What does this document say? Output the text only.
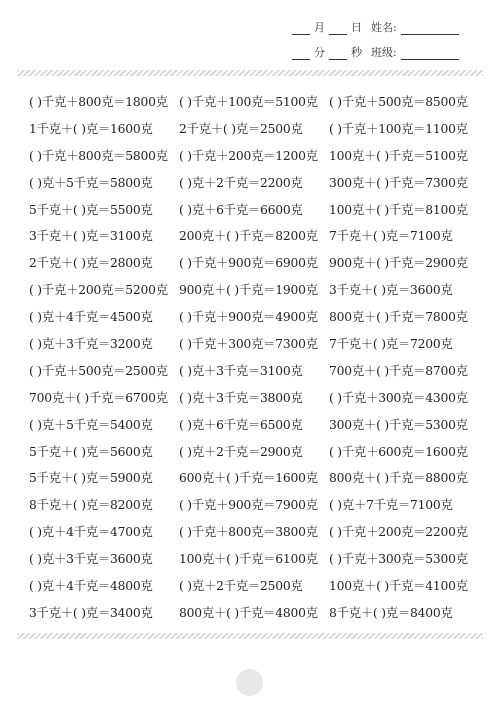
月 日 姓名:
分 秒 班级:
( )千克＋800克＝1800克 ( )千克＋100克＝5100克 ( )千克＋500克＝8500克
1千克＋( )克＝1600克 2千克＋( )克＝2500克 ( )千克＋100克＝1100克
( )千克＋800克＝5800克 ( )千克＋200克＝1200克 100克＋( )千克＝5100克
( )克＋5千克＝5800克 ( )克＋2千克＝2200克 300克＋( )千克＝7300克
5千克＋( )克＝5500克 ( )克＋6千克＝6600克 100克＋( )千克＝8100克
3千克＋( )克＝3100克 200克＋( )千克＝8200克 7千克＋( )克＝7100克
2千克＋( )克＝2800克 ( )千克＋900克＝6900克 900克＋( )千克＝2900克
( )千克＋200克＝5200克 900克＋( )千克＝1900克 3千克＋( )克＝3600克
( )克＋4千克＝4500克 ( )千克＋900克＝4900克 800克＋( )千克＝7800克
( )克＋3千克＝3200克 ( )千克＋300克＝7300克 7千克＋( )克＝7200克
( )千克＋500克＝2500克 ( )克＋3千克＝3100克 700克＋( )千克＝8700克
700克＋( )千克＝6700克 ( )克＋3千克＝3800克 ( )千克＋300克＝4300克
( )克＋5千克＝5400克 ( )克＋6千克＝6500克 300克＋( )千克＝5300克
5千克＋( )克＝5600克 ( )克＋2千克＝2900克 ( )千克＋600克＝1600克
5千克＋( )克＝5900克 600克＋( )千克＝1600克 800克＋( )千克＝8800克
8千克＋( )克＝8200克 ( )千克＋900克＝7900克 ( )克＋7千克＝7100克
( )克＋4千克＝4700克 ( )千克＋800克＝3800克 ( )千克＋200克＝2200克
( )克＋3千克＝3600克 100克＋( )千克＝6100克 ( )千克＋300克＝5300克
( )克＋4千克＝4800克 ( )克＋2千克＝2500克 100克＋( )千克＝4100克
3千克＋( )克＝3400克 800克＋( )千克＝4800克 8千克＋( )克＝8400克
